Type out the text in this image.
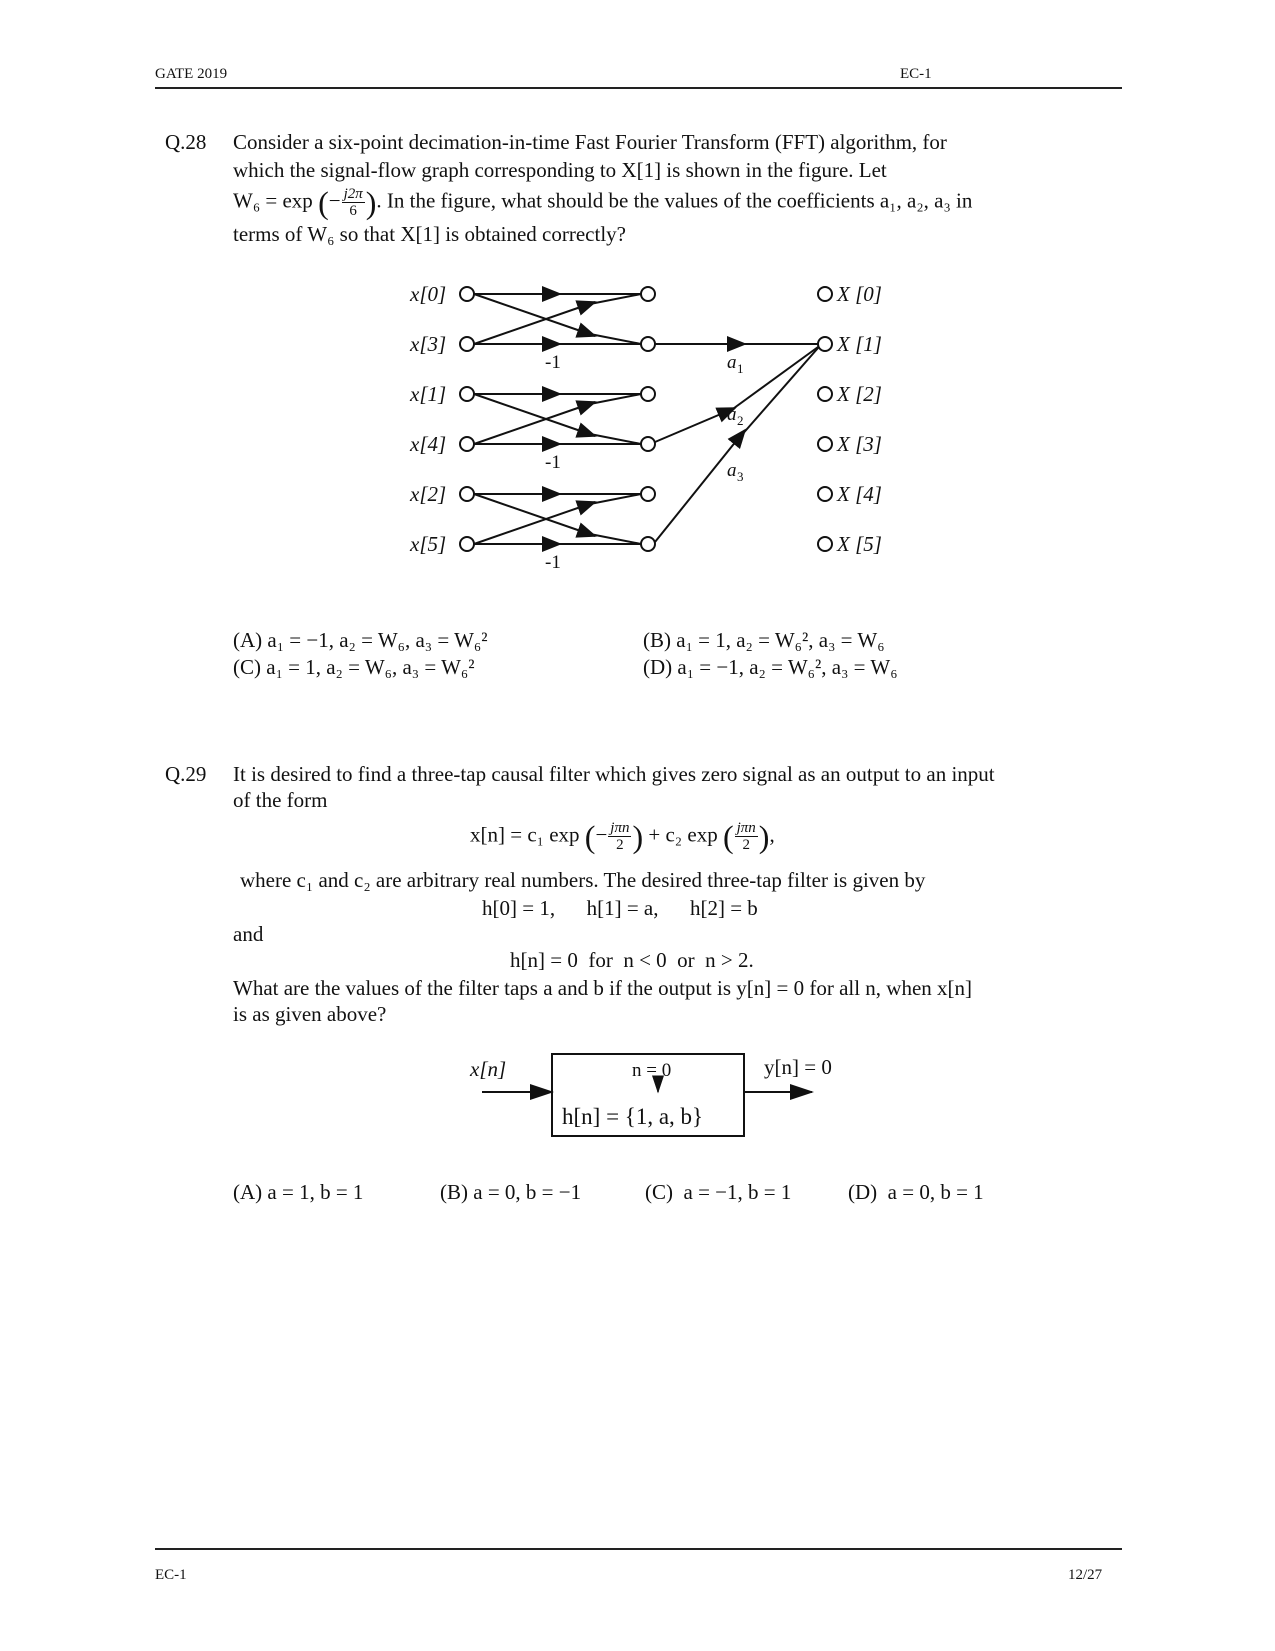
GATE 2019	EC-1
Q.28 Consider a six-point decimation-in-time Fast Fourier Transform (FFT) algorithm, for
which the signal-flow graph corresponding to X[1] is shown in the figure. Let
W₆ = exp (− $\frac{j2\pi}{6}$ ). In the figure, what should be the values of the coefficients a₁, a₂, a₃ in
terms of W₆ so that X[1] is obtained correctly?
-1
-1
-1
x[0]
x[3]
x[1]
x[4]
x[2]
x[5]
X [0]
X [1]
X [2]
X [3]
X [4]
X [5]
a 1
a 2
a 3
(A) a₁ = −1, a₂ = W₆, a₃ = W₆²	(B) a₁ = 1, a₂ = W₆², a₃ = W₆
(C) a₁ = 1, a₂ = W₆, a₃ = W₆²	(D) a₁ = −1, a₂ = W₆², a₃ = W₆
Q.29 It is desired to find a three-tap causal filter which gives zero signal as an output to an input
of the form
x[n] = c₁ exp (− $\frac{\text{jπn}}{2}$ ) + c₂ exp ( $\frac{\text{jπn}}{2}$ ),
where c₁ and c₂ are arbitrary real numbers. The desired three-tap filter is given by
h[0] = 1,      h[1] = a,      h[2] = b
and
h[n] = 0  for  n < 0  or  n > 2.
What are the values of the filter taps a and b if the output is y[n] = 0 for all n, when x[n]
is as given above?
x[n]	y[n] = 0
n = 0
h[n] = {1, a, b}
(A) a = 1, b = 1	(B) a = 0, b = −1	(C)  a = −1, b = 1	(D)  a = 0, b = 1
EC-1	12/27
